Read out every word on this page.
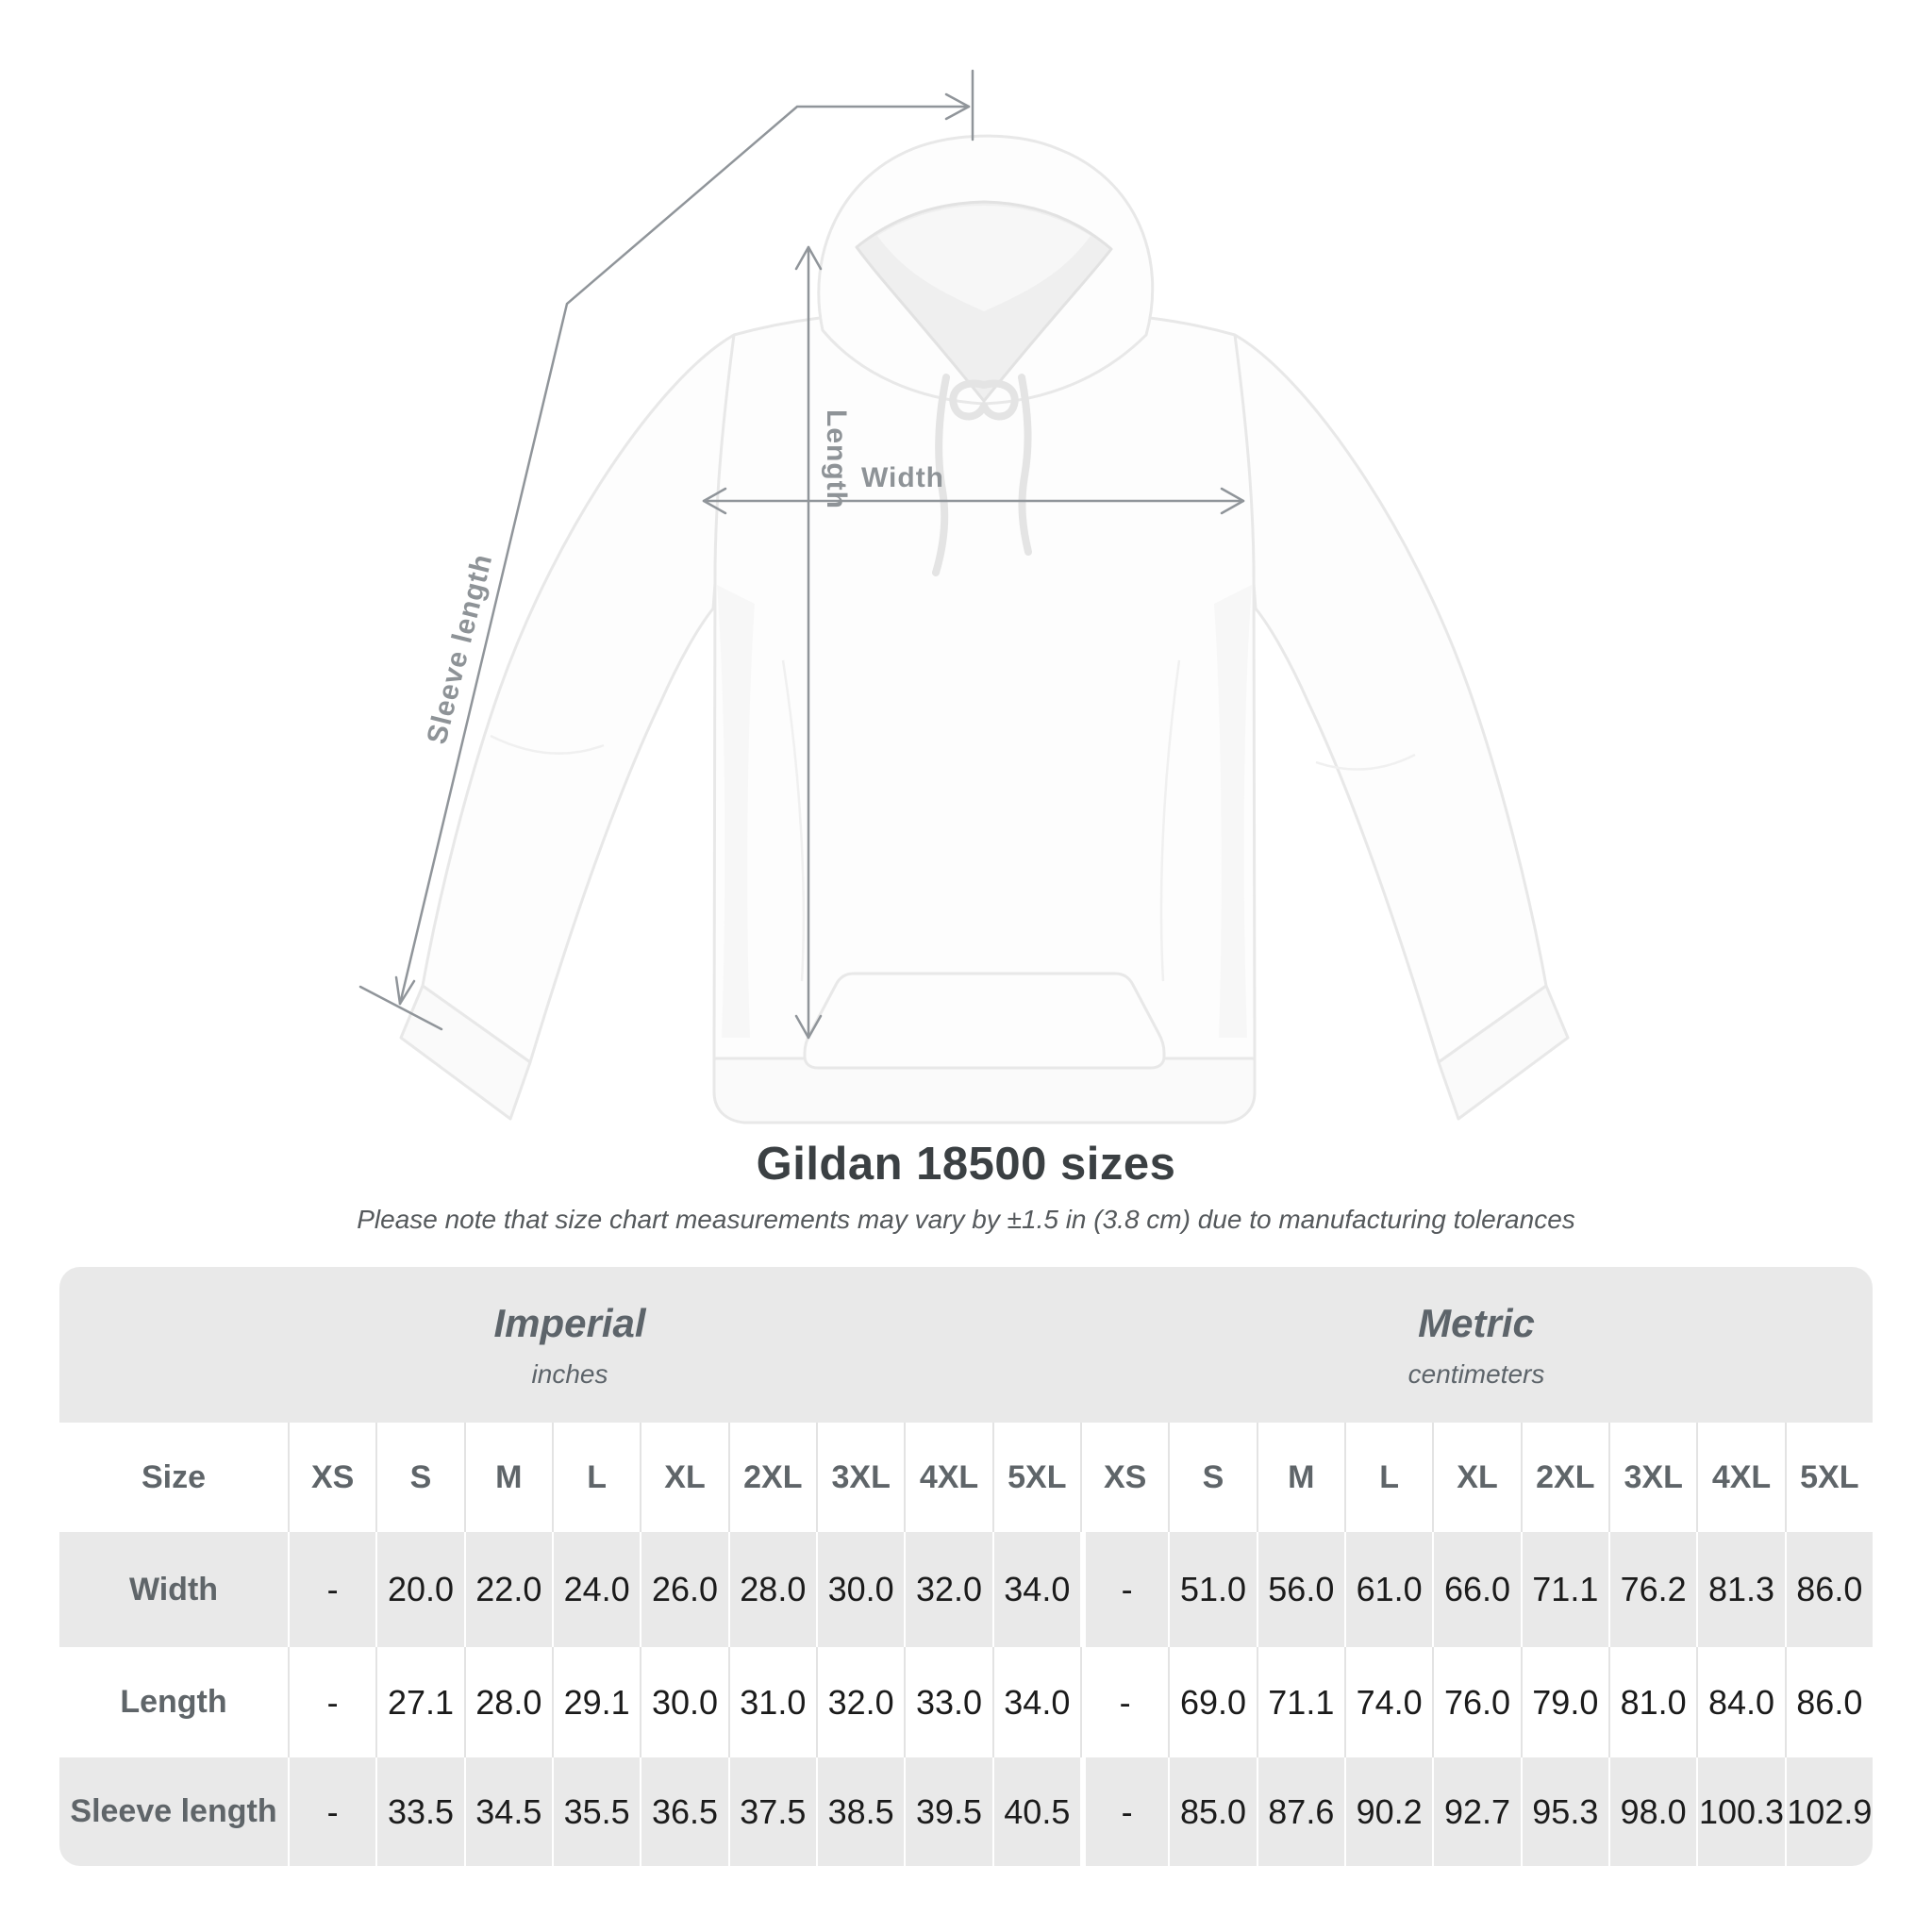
Width
Length
Sleeve length
Gildan 18500 sizes
Please note that size chart measurements may vary by ±1.5 in (3.8 cm) due to manufacturing tolerances
Imperial
inches
Metric
centimeters
Size	XS	S	M	L	XL	2XL 3XL 4XL 5XL	XS	S	M	L	XL	2XL 3XL 4XL 5XL
Width	-	20.0 22.0 24.0 26.0 28.0 30.0 32.0 34.0	-	51.0 56.0 61.0 66.0 71.1 76.2 81.3 86.0
Length	-	27.1 28.0 29.1 30.0 31.0 32.0 33.0 34.0	-	69.0 71.1 74.0 76.0 79.0 81.0 84.0 86.0
Sleeve length	-	33.5 34.5 35.5 36.5 37.5 38.5 39.5 40.5	-	85.0 87.6 90.2 92.7 95.3 98.0 100.3 102.9
